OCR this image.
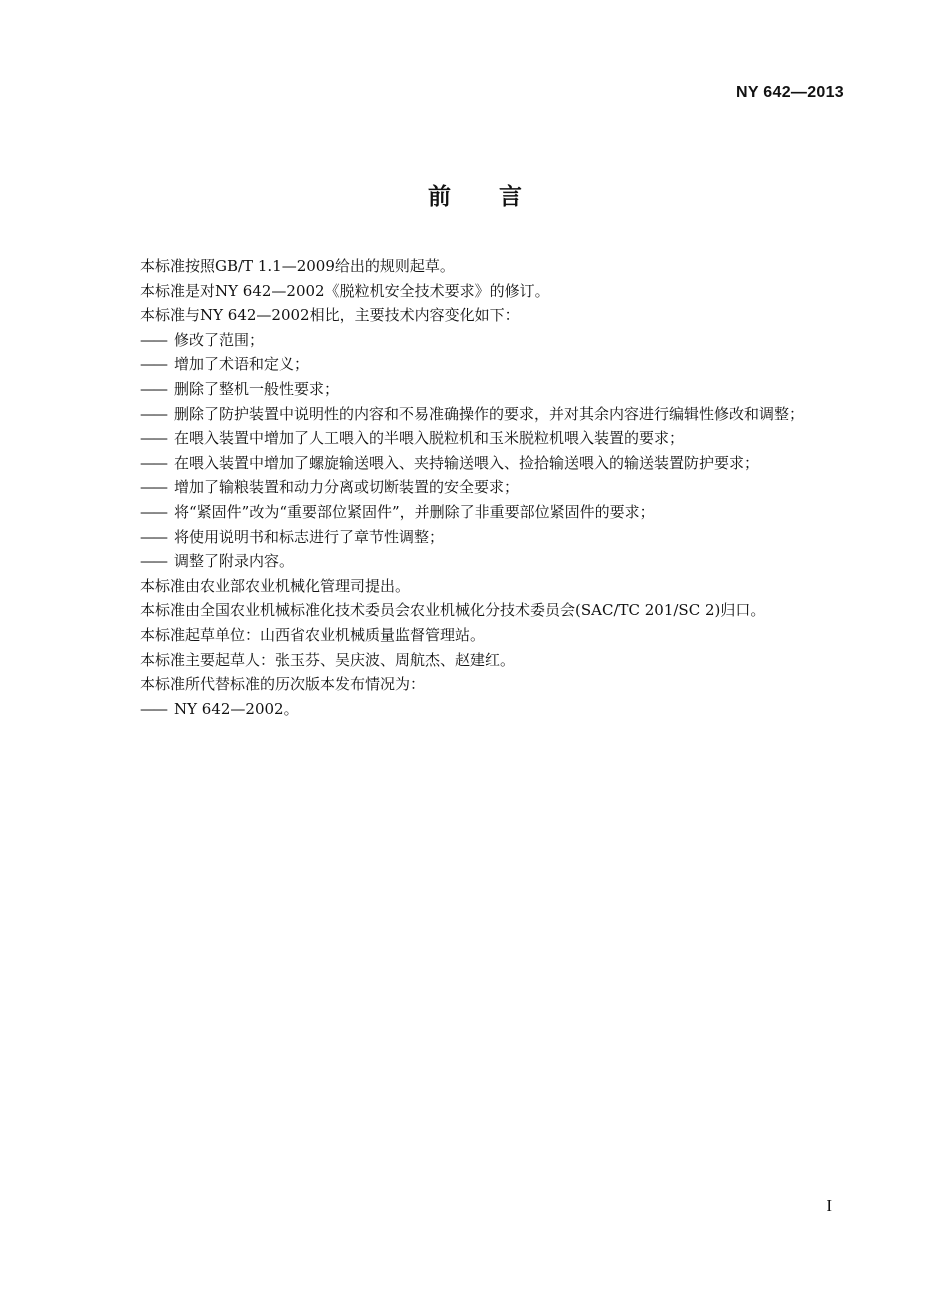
NY 642—2013
前 言

本标准按照GB/T 1.1—2009给出的规则起草。

本标准是对NY 642—2002《脱粒机安全技术要求》的修订。

本标准与NY 642—2002相比，主要技术内容变化如下：

—— 修改了范围；

—— 增加了术语和定义；

—— 删除了整机一般性要求；

—— 删除了防护装置中说明性的内容和不易准确操作的要求，并对其余内容进行编辑性修改和调整；

—— 在喂入装置中增加了人工喂入的半喂入脱粒机和玉米脱粒机喂入装置的要求；

—— 在喂入装置中增加了螺旋输送喂入、夹持输送喂入、捡拾输送喂入的输送装置防护要求；

—— 增加了输粮装置和动力分离或切断装置的安全要求；

—— 将“紧固件”改为“重要部位紧固件”，并删除了非重要部位紧固件的要求；

—— 将使用说明书和标志进行了章节性调整；

—— 调整了附录内容。

本标准由农业部农业机械化管理司提出。

本标准由全国农业机械标准化技术委员会农业机械化分技术委员会(SAC/TC 201/SC 2)归口。

本标准起草单位：山西省农业机械质量监督管理站。

本标准主要起草人：张玉芬、吴庆波、周航杰、赵建红。

本标准所代替标准的历次版本发布情况为：

—— NY 642—2002。

I
